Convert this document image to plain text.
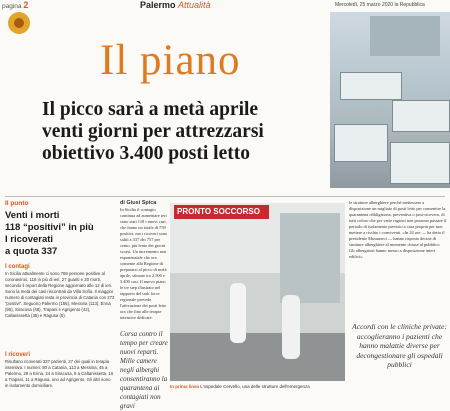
pagina 2	Palermo Attualità	Mercoledì, 25 marzo 2020 la Repubblica
Il piano
Il picco sarà a metà aprile
venti giorni per attrezzarsi
obiettivo 3.400 posti letto
Il punto
Venti i morti
118 “positivi” in più
I ricoverati
a quota 337
I contagi
In Sicilia attualmente ci sono 759 persone positive al coronavirus, 118 in più di ieri, 27 guariti e 20 morti, secondo il report della Regione aggiornato alle 12 di ieri. Sono la metà dei casi riscontrati da Villa Sofia. Il maggior numero di contagiati resta in provincia di Catania con 273 “positivi”. Seguono Palermo (155), Messina (113), Enna (95), Siracusa (48), Trapani e Agrigento (42), Caltanissetta (35) e Ragusa (6).
I ricoveri
Risultano ricoverati 337 pazienti, 27 dei quali in terapia intensiva. I numeri: 80 a Catania, 113 a Messina, 45 a Palermo, 29 a Enna, 24 a Siracusa, 8 a Caltanissetta, 16 a Trapani, 11 a Ragusa, uno ad Agrigento. Gli altri sono in isolamento domiciliare.
di Giusi Spica
In Sicilia il contagio continua ad aumentare ieri sono stati 118 i nuovi casi, che fanno un totale di 759 positivi, ma i ricoveri sono saliti a 337 dei 757 per cento, più lento dei giorni scorsi. Un incremento non esponenziale che ora consente alla Regione di prepararsi al picco di metà aprile, stimato tra 2.500 e 3.400 casi. Il nuovo piano le tre step illustrato nel rapporto del task force regionale prevede l'attivazione dei posti letto ora che fino alle terapie intensive dedicate.
Corsa contro il tempo per creare nuovi reparti. Mille camere negli alberghi consentiranno la quarantena ai contagiati non gravi
PRONTO SOCCORSO
In prima linea L'ospedale Cervello, una delle strutture dell'emergenza
le strutture alberghiere perché mettessero a disposizione un migliaio di posti letto per consentire la quarantena obbligatoria, preventiva o post-ricovero, di tutti coloro che per varie ragioni non possono passare il periodo di isolamento previsto a casa propria per non mettere a rischio i conviventi. «In 24 ore — ha detto il presidente Musumeci — hanno risposto decine di strutture alberghiere al momento chiuse al pubblico. Gli albergatori hanno messo a disposizione interi edifici».
Accordi con le cliniche private: accoglieranno i pazienti che hanno malattie diverse per decongestionare gli ospedali pubblici
